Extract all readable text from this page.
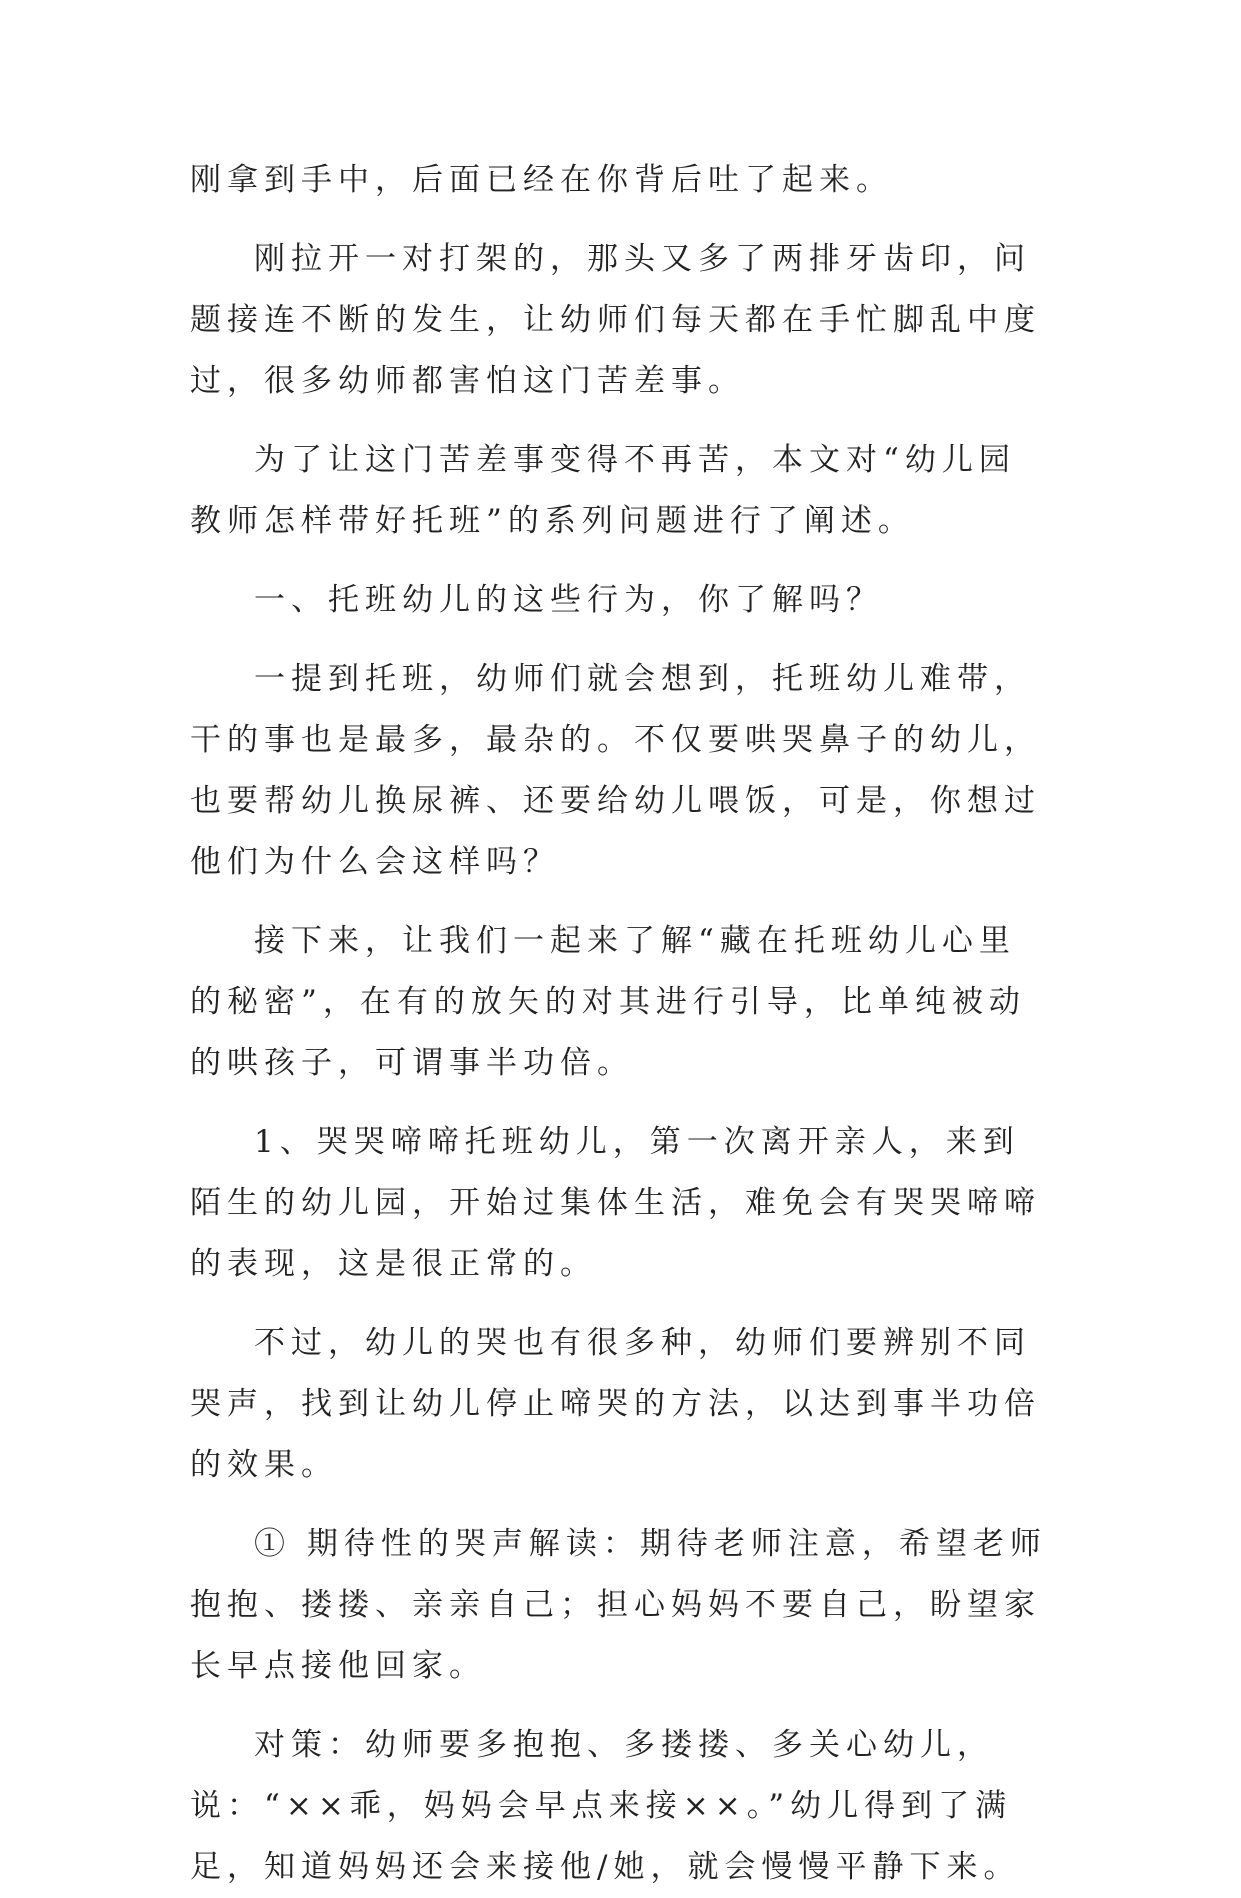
刚拿到手中，后面已经在你背后吐了起来。

刚拉开一对打架的，那头又多了两排牙齿印，问题接连不断的发生，让幼师们每天都在手忙脚乱中度过，很多幼师都害怕这门苦差事。

为了让这门苦差事变得不再苦，本文对“幼儿园教师怎样带好托班”的系列问题进行了阐述。

一、托班幼儿的这些行为，你了解吗？

一提到托班，幼师们就会想到，托班幼儿难带，干的事也是最多，最杂的。不仅要哄哭鼻子的幼儿，也要帮幼儿换尿裤、还要给幼儿喂饭，可是，你想过他们为什么会这样吗？

接下来，让我们一起来了解“藏在托班幼儿心里的秘密”，在有的放矢的对其进行引导，比单纯被动的哄孩子，可谓事半功倍。

1、哭哭啼啼托班幼儿，第一次离开亲人，来到陌生的幼儿园，开始过集体生活，难免会有哭哭啼啼的表现，这是很正常的。

不过，幼儿的哭也有很多种，幼师们要辨别不同哭声，找到让幼儿停止啼哭的方法，以达到事半功倍的效果。

① 期待性的哭声解读：期待老师注意，希望老师抱抱、搂搂、亲亲自己；担心妈妈不要自己，盼望家长早点接他回家。

对策：幼师要多抱抱、多搂搂、多关心幼儿，说：“××乖，妈妈会早点来接××。”幼儿得到了满足，知道妈妈还会来接他/她，就会慢慢平静下来。
